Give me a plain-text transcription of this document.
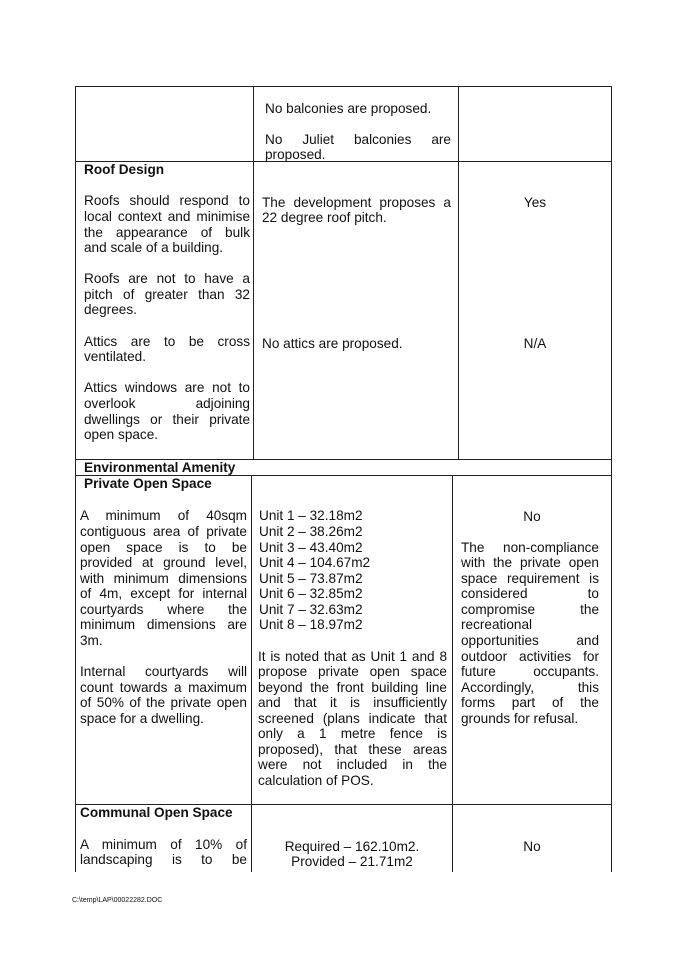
No balconies are proposed.

No Juliet balconies are

proposed.

Roof Design

Roofs should respond to

local context and minimise

the appearance of bulk

and scale of a building.

Roofs are not to have a

pitch of greater than 32

degrees.

The development proposes a

22 degree roof pitch.

Yes

Attics are to be cross

ventilated.

No attics are proposed.	N/A

Attics windows are not to

overlook adjoining

dwellings or their private

open space.

Environmental Amenity

Private Open Space

A minimum of 40sqm

contiguous area of private

open space is to be

provided at ground level,

with minimum dimensions

of 4m, except for internal

courtyards where the

minimum dimensions are

3m.

Internal courtyards will

count towards a maximum

of 50% of the private open

space for a dwelling.

Unit 1 – 32.18m2

Unit 2 – 38.26m2

Unit 3 – 43.40m2

Unit 4 – 104.67m2

Unit 5 – 73.87m2

Unit 6 – 32.85m2

Unit 7 – 32.63m2

Unit 8 – 18.97m2

It is noted that as Unit 1 and 8

propose private open space

beyond the front building line

and that it is insufficiently

screened (plans indicate that

only a 1 metre fence is

proposed), that these areas

were not included in the

calculation of POS.

No

The non-compliance

with the private open

space requirement is

considered to

compromise the

recreational

opportunities and

outdoor activities for

future occupants.

Accordingly, this

forms part of the

grounds for refusal.

Communal Open Space

A minimum of 10% of

landscaping is to be

Required – 162.10m2.

Provided – 21.71m2

No

C:\temp\LAP\00022282.DOC
